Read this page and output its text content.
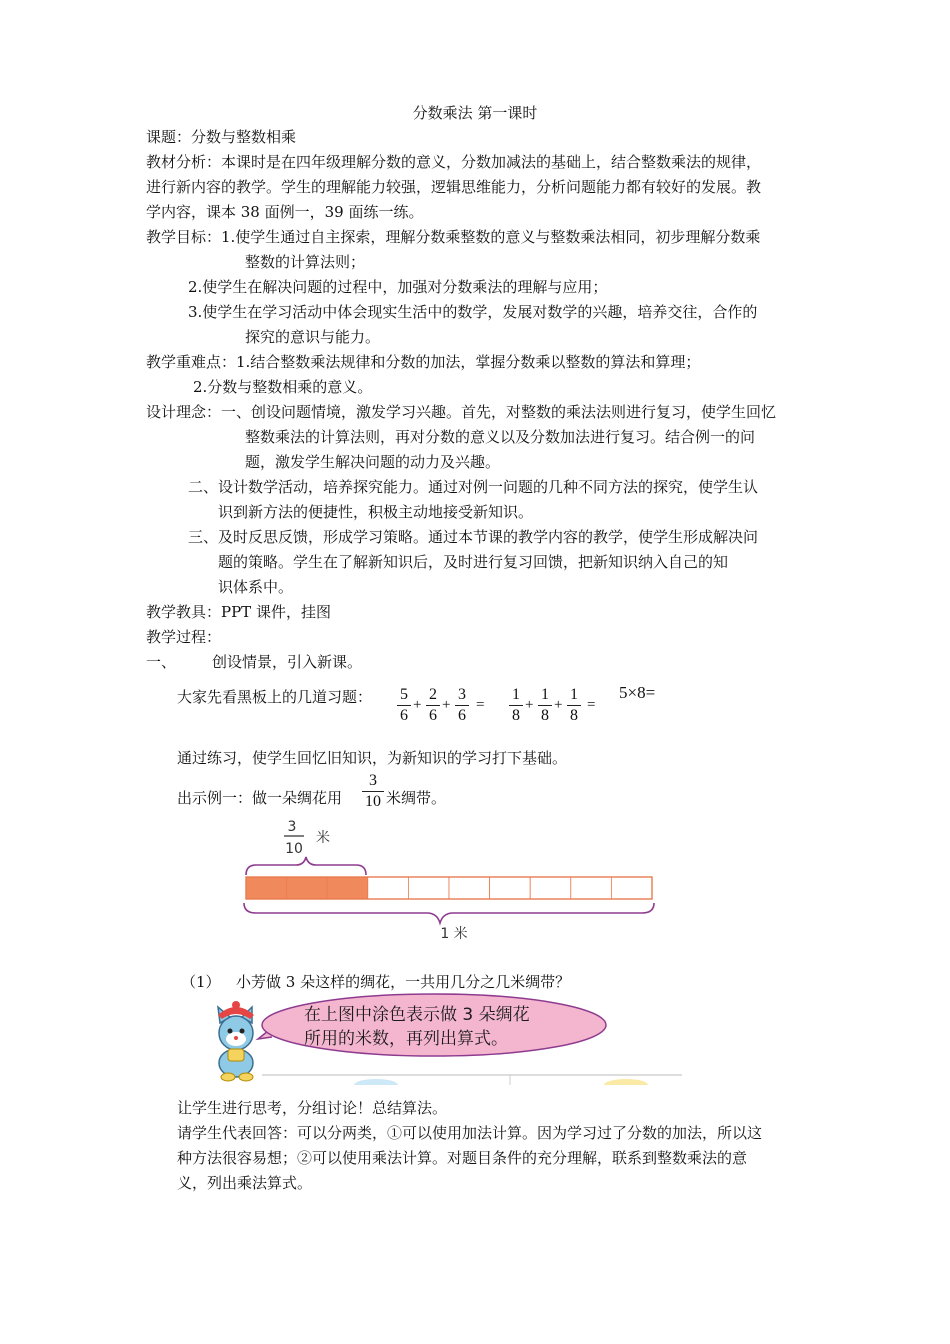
分数乘法 第一课时
课题：分数与整数相乘
教材分析：本课时是在四年级理解分数的意义，分数加减法的基础上，结合整数乘法的规律，
进行新内容的教学。学生的理解能力较强，逻辑思维能力，分析问题能力都有较好的发展。教
学内容，课本 38 面例一，39 面练一练。
教学目标：1.使学生通过自主探索，理解分数乘整数的意义与整数乘法相同，初步理解分数乘
整数的计算法则；
2.使学生在解决问题的过程中，加强对分数乘法的理解与应用；
3.使学生在学习活动中体会现实生活中的数学，发展对数学的兴趣，培养交往，合作的
探究的意识与能力。
教学重难点：1.结合整数乘法规律和分数的加法，掌握分数乘以整数的算法和算理；
2.分数与整数相乘的意义。
设计理念：一、创设问题情境，激发学习兴趣。首先，对整数的乘法法则进行复习，使学生回忆
整数乘法的计算法则，再对分数的意义以及分数加法进行复习。结合例一的问
题，激发学生解决问题的动力及兴趣。
二、设计数学活动，培养探究能力。通过对例一问题的几种不同方法的探究，使学生认
识到新方法的便捷性，积极主动地接受新知识。
三、及时反思反馈，形成学习策略。通过本节课的教学内容的教学，使学生形成解决问
题的策略。学生在了解新知识后，及时进行复习回馈，把新知识纳入自己的知
识体系中。
教学教具：PPT 课件，挂图
教学过程：
一、 创设情景，引入新课。
大家先看黑板上的几道习题： 5
6
+
2
6
+
3
6
=
1
8
+
1
8
+
1
8
=
5×8=
通过练习，使学生回忆旧知识，为新知识的学习打下基础。
出示例一：做一朵绸花用
3
10 米绸带。
3
10
米
1 米
（1） 小芳做 3 朵这样的绸花，一共用几分之几米绸带？
在上图中涂色表示做 3 朵绸花
所用的米数，再列出算式。
让学生进行思考，分组讨论！总结算法。
请学生代表回答：可以分两类，①可以使用加法计算。因为学习过了分数的加法，所以这
种方法很容易想；②可以使用乘法计算。对题目条件的充分理解，联系到整数乘法的意
义，列出乘法算式。
